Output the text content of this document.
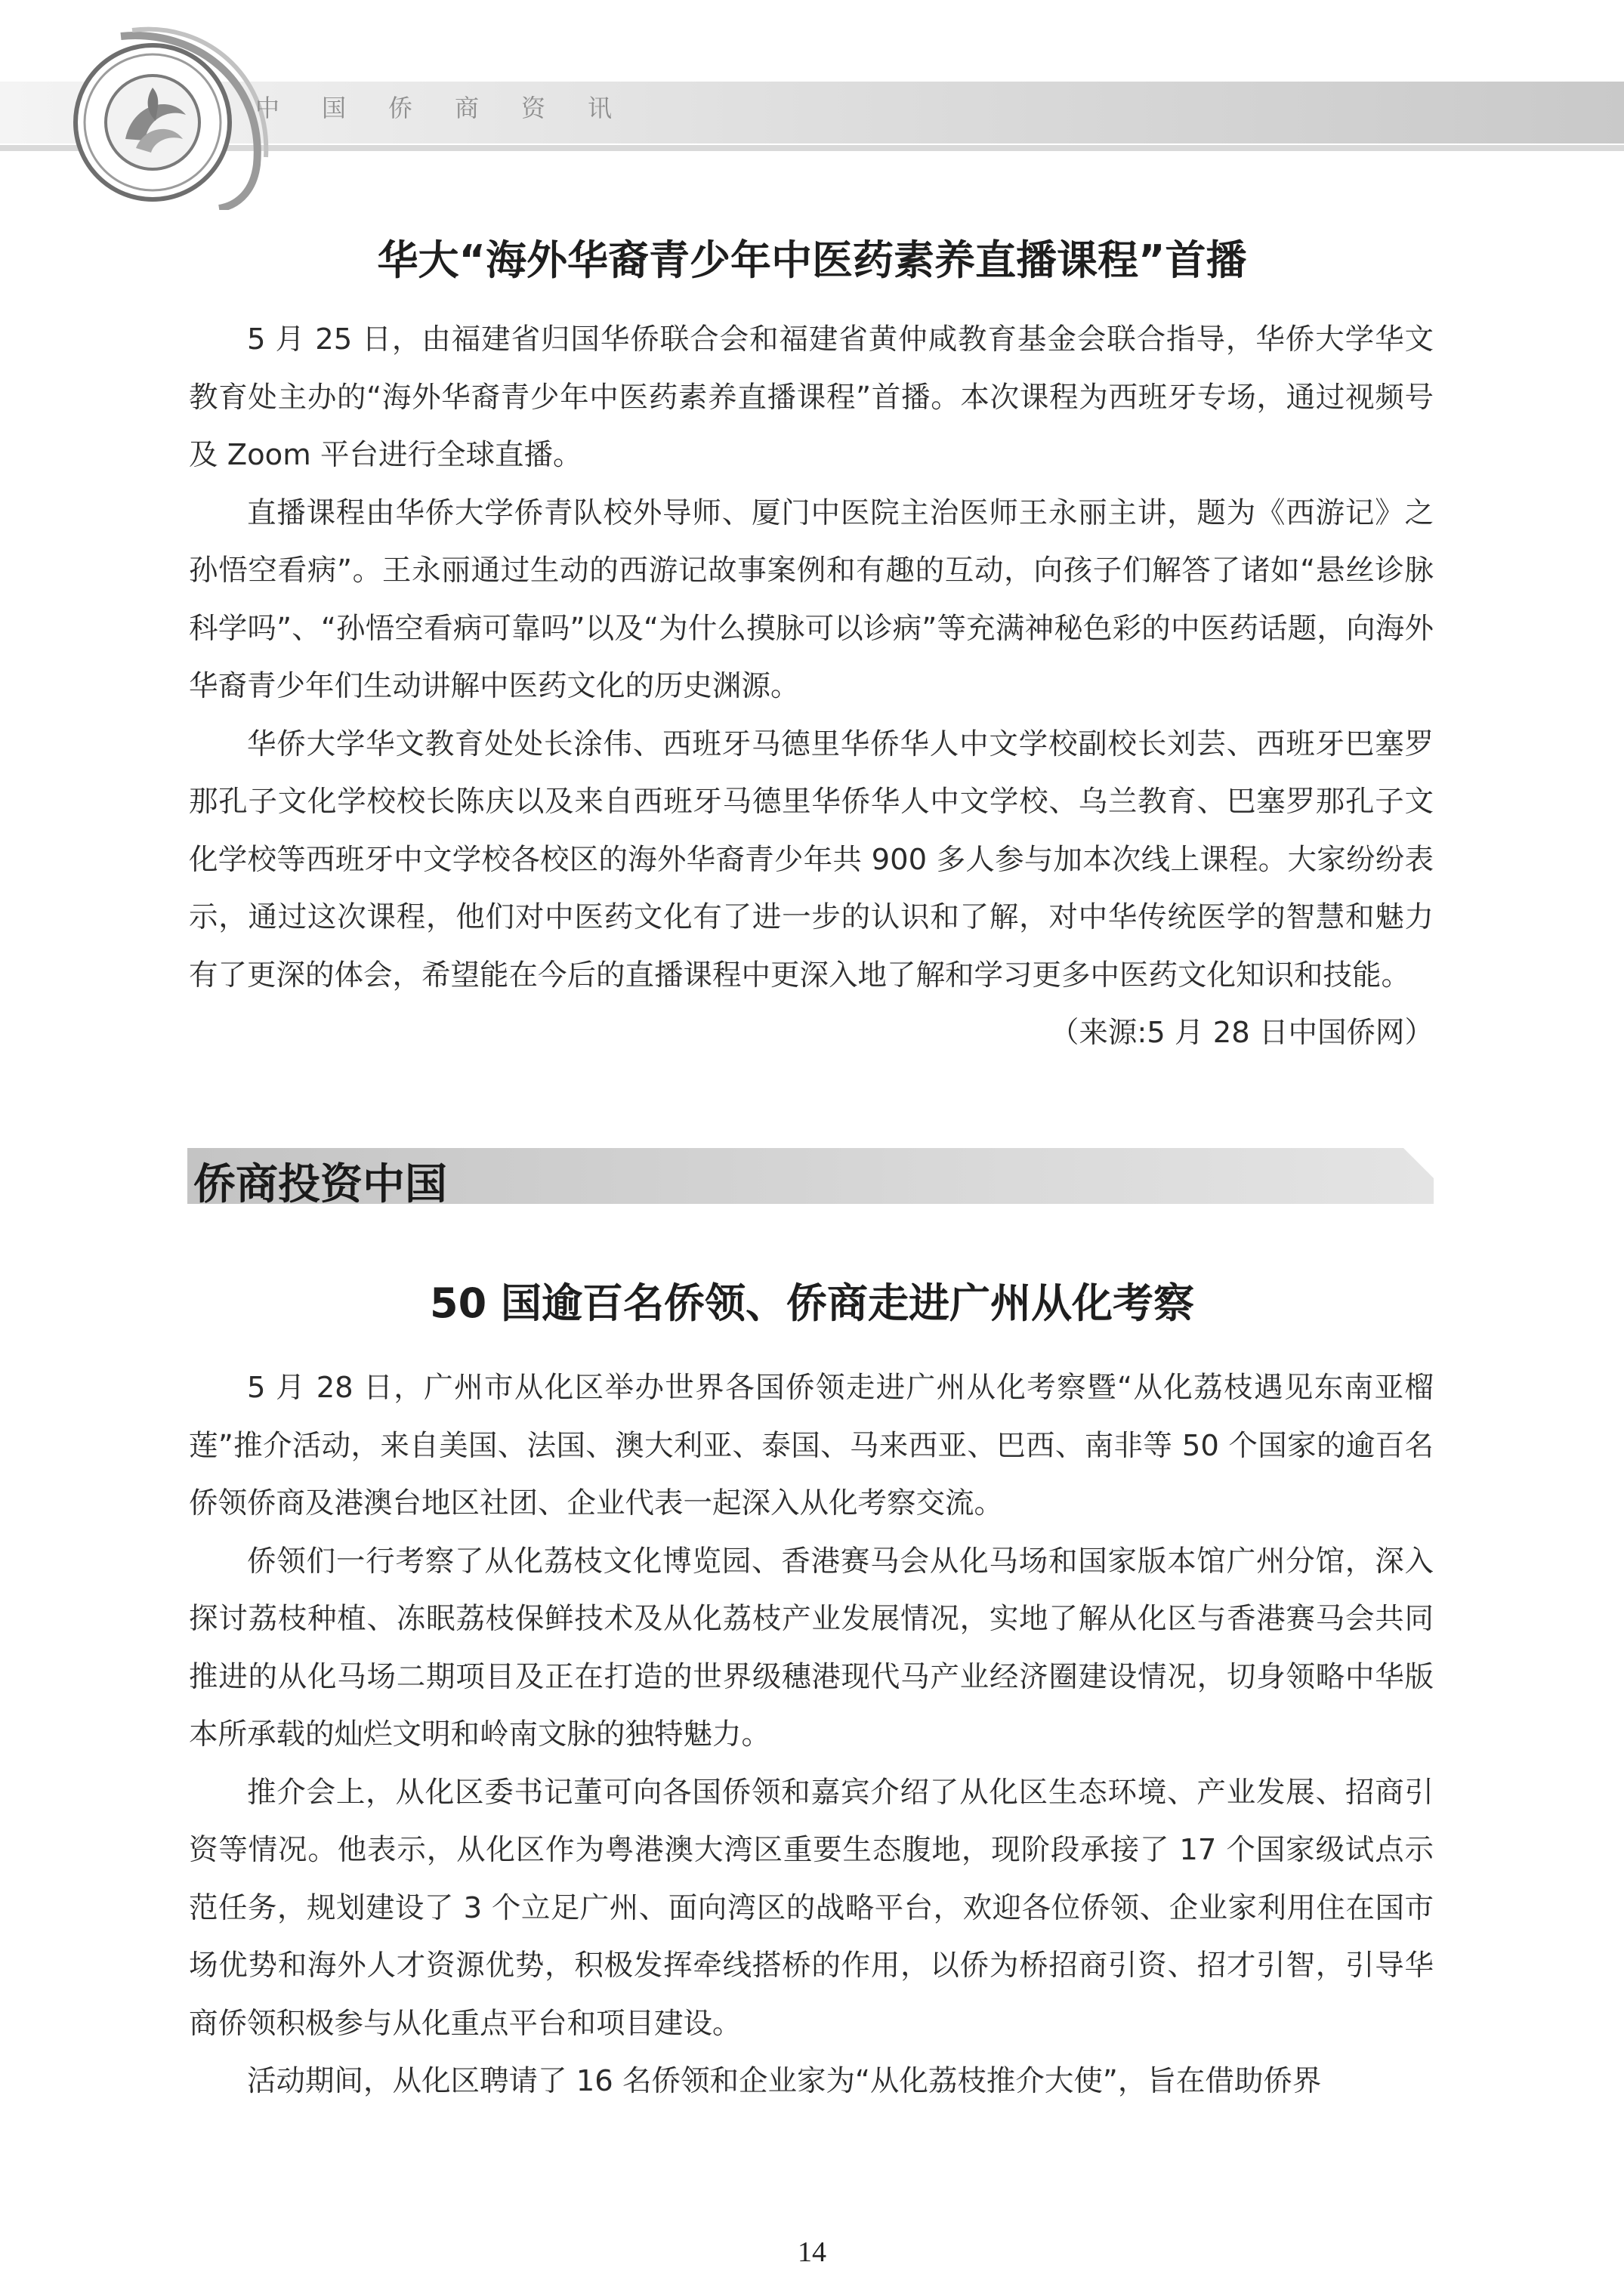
中国侨商资讯
华大“海外华裔青少年中医药素养直播课程”首播

5 月 25 日，由福建省归国华侨联合会和福建省黄仲咸教育基金会联合指导，华侨大学华文教育处主办的“海外华裔青少年中医药素养直播课程”首播。本次课程为西班牙专场，通过视频号及 Zoom 平台进行全球直播。

直播课程由华侨大学侨青队校外导师、厦门中医院主治医师王永丽主讲，题为《西游记》之孙悟空看病”。王永丽通过生动的西游记故事案例和有趣的互动，向孩子们解答了诸如“悬丝诊脉科学吗”、“孙悟空看病可靠吗”以及“为什么摸脉可以诊病”等充满神秘色彩的中医药话题，向海外华裔青少年们生动讲解中医药文化的历史渊源。

华侨大学华文教育处处长涂伟、西班牙马德里华侨华人中文学校副校长刘芸、西班牙巴塞罗那孔子文化学校校长陈庆以及来自西班牙马德里华侨华人中文学校、乌兰教育、巴塞罗那孔子文化学校等西班牙中文学校各校区的海外华裔青少年共 900 多人参与加本次线上课程。大家纷纷表示，通过这次课程，他们对中医药文化有了进一步的认识和了解，对中华传统医学的智慧和魅力有了更深的体会，希望能在今后的直播课程中更深入地了解和学习更多中医药文化知识和技能。

（来源:5 月 28 日中国侨网）

侨商投资中国
50 国逾百名侨领、侨商走进广州从化考察

5 月 28 日，广州市从化区举办世界各国侨领走进广州从化考察暨“从化荔枝遇见东南亚榴莲”推介活动，来自美国、法国、澳大利亚、泰国、马来西亚、巴西、南非等 50 个国家的逾百名侨领侨商及港澳台地区社团、企业代表一起深入从化考察交流。

侨领们一行考察了从化荔枝文化博览园、香港赛马会从化马场和国家版本馆广州分馆，深入探讨荔枝种植、冻眠荔枝保鲜技术及从化荔枝产业发展情况，实地了解从化区与香港赛马会共同推进的从化马场二期项目及正在打造的世界级穗港现代马产业经济圈建设情况，切身领略中华版本所承载的灿烂文明和岭南文脉的独特魅力。

推介会上，从化区委书记董可向各国侨领和嘉宾介绍了从化区生态环境、产业发展、招商引资等情况。他表示，从化区作为粤港澳大湾区重要生态腹地，现阶段承接了 17 个国家级试点示范任务，规划建设了 3 个立足广州、面向湾区的战略平台，欢迎各位侨领、企业家利用住在国市场优势和海外人才资源优势，积极发挥牵线搭桥的作用，以侨为桥招商引资、招才引智，引导华商侨领积极参与从化重点平台和项目建设。

活动期间，从化区聘请了 16 名侨领和企业家为“从化荔枝推介大使”，旨在借助侨界

14
